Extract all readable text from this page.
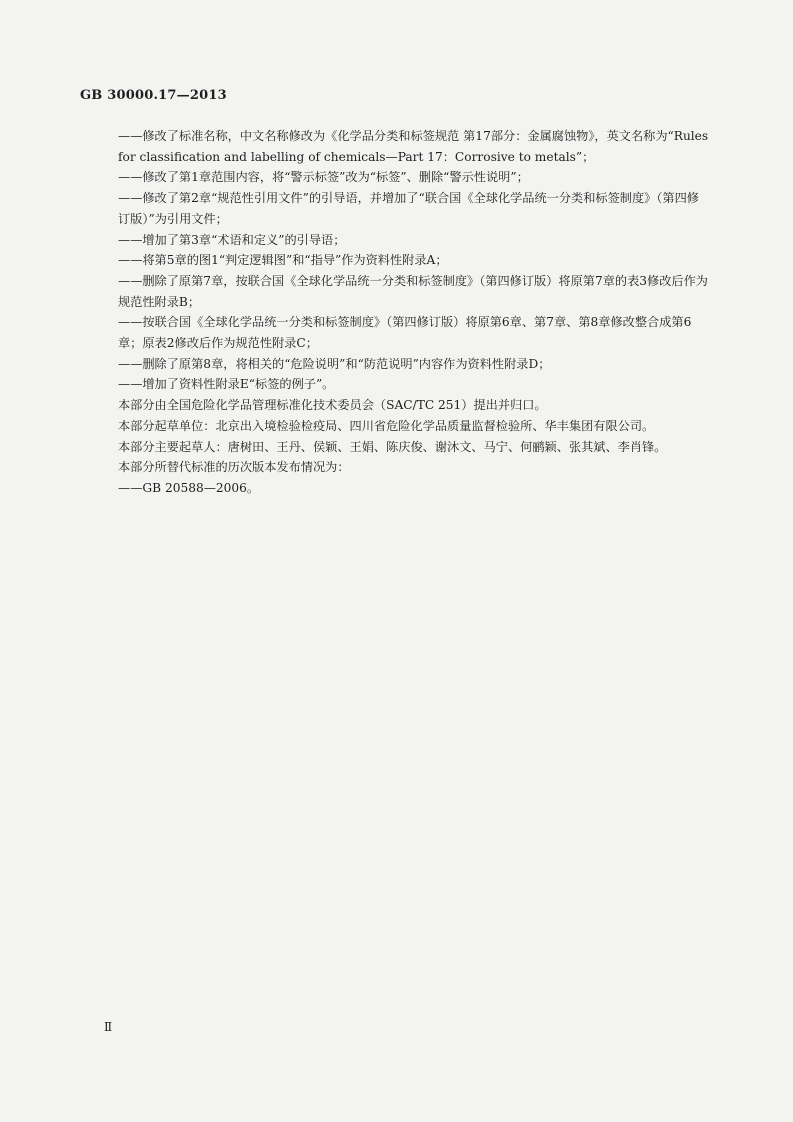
GB 30000.17—2013
——修改了标准名称，中文名称修改为《化学品分类和标签规范 第17部分：金属腐蚀物》，英文名称为“Rules for classification and labelling of chemicals—Part 17：Corrosive to metals”；
——修改了第1章范围内容，将“警示标签”改为“标签”、删除“警示性说明”；
——修改了第2章“规范性引用文件”的引导语，并增加了“联合国《全球化学品统一分类和标签制度》（第四修订版）”为引用文件；
——增加了第3章“术语和定义”的引导语；
——将第5章的图1“判定逻辑图”和“指导”作为资料性附录A；
——删除了原第7章，按联合国《全球化学品统一分类和标签制度》（第四修订版）将原第7章的表3修改后作为规范性附录B；
——按联合国《全球化学品统一分类和标签制度》（第四修订版）将原第6章、第7章、第8章修改整合成第6章；原表2修改后作为规范性附录C；
——删除了原第8章，将相关的“危险说明”和“防范说明”内容作为资料性附录D；
——增加了资料性附录E“标签的例子”。
本部分由全国危险化学品管理标准化技术委员会（SAC/TC 251）提出并归口。
本部分起草单位：北京出入境检验检疫局、四川省危险化学品质量监督检验所、华丰集团有限公司。
本部分主要起草人：唐树田、王丹、侯颖、王娟、陈庆俊、谢沐文、马宁、何鹂颖、张其斌、李肖锋。
本部分所替代标准的历次版本发布情况为：
——GB 20588—2006。
Ⅱ
